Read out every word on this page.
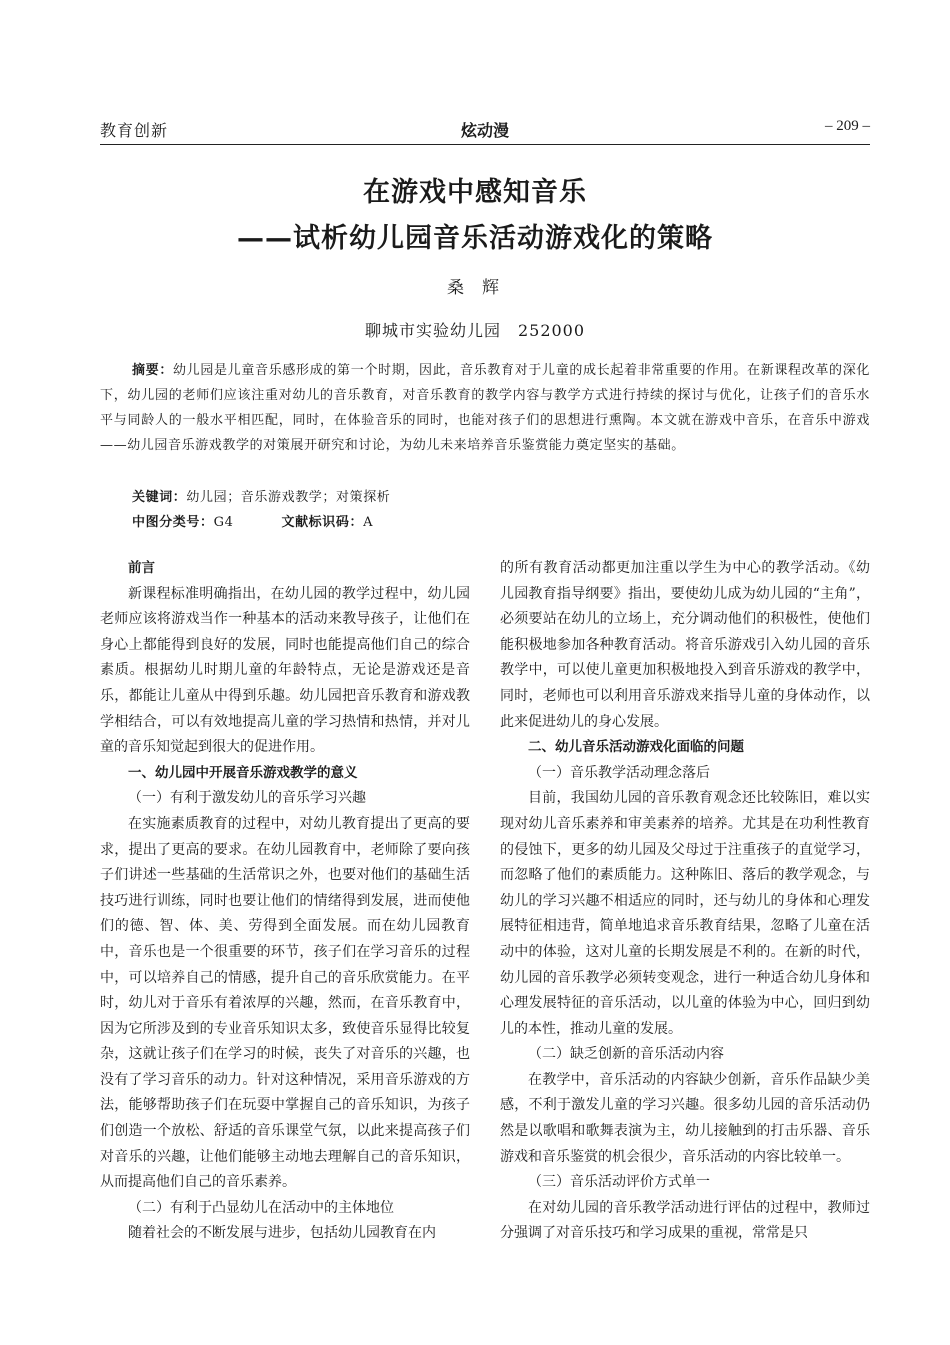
教育创新	炫动漫	– 209 –
在游戏中感知音乐
——试析幼儿园音乐活动游戏化的策略
桑辉
聊城市实验幼儿园　252000
摘要：幼儿园是儿童音乐感形成的第一个时期，因此，音乐教育对于儿童的成长起着非常重要的作用。在新课程改革的深化下，幼儿园的老师们应该注重对幼儿的音乐教育，对音乐教育的教学内容与教学方式进行持续的探讨与优化，让孩子们的音乐水平与同龄人的一般水平相匹配，同时，在体验音乐的同时，也能对孩子们的思想进行熏陶。本文就在游戏中音乐，在音乐中游戏——幼儿园音乐游戏教学的对策展开研究和讨论，为幼儿未来培养音乐鉴赏能力奠定坚实的基础。
关键词：幼儿园；音乐游戏教学；对策探析
中图分类号：G4	文献标识码：A
前言

新课程标准明确指出，在幼儿园的教学过程中，幼儿园老师应该将游戏当作一种基本的活动来教导孩子，让他们在身心上都能得到良好的发展，同时也能提高他们自己的综合素质。根据幼儿时期儿童的年龄特点，无论是游戏还是音乐，都能让儿童从中得到乐趣。幼儿园把音乐教育和游戏教学相结合，可以有效地提高儿童的学习热情和热情，并对儿童的音乐知觉起到很大的促进作用。

一、幼儿园中开展音乐游戏教学的意义
（一）有利于激发幼儿的音乐学习兴趣

在实施素质教育的过程中，对幼儿教育提出了更高的要求，提出了更高的要求。在幼儿园教育中，老师除了要向孩子们讲述一些基础的生活常识之外，也要对他们的基础生活技巧进行训练，同时也要让他们的情绪得到发展，进而使他们的德、智、体、美、劳得到全面发展。而在幼儿园教育中，音乐也是一个很重要的环节，孩子们在学习音乐的过程中，可以培养自己的情感，提升自己的音乐欣赏能力。在平时，幼儿对于音乐有着浓厚的兴趣，然而，在音乐教育中，因为它所涉及到的专业音乐知识太多，致使音乐显得比较复杂，这就让孩子们在学习的时候，丧失了对音乐的兴趣，也没有了学习音乐的动力。针对这种情况，采用音乐游戏的方法，能够帮助孩子们在玩耍中掌握自己的音乐知识，为孩子们创造一个放松、舒适的音乐课堂气氛，以此来提高孩子们对音乐的兴趣，让他们能够主动地去理解自己的音乐知识，从而提高他们自己的音乐素养。

（二）有利于凸显幼儿在活动中的主体地位

随着社会的不断发展与进步，包括幼儿园教育在内

的所有教育活动都更加注重以学生为中心的教学活动。《幼儿园教育指导纲要》指出，要使幼儿成为幼儿园的“主角”，必须要站在幼儿的立场上，充分调动他们的积极性，使他们能积极地参加各种教育活动。将音乐游戏引入幼儿园的音乐教学中，可以使儿童更加积极地投入到音乐游戏的教学中，同时，老师也可以利用音乐游戏来指导儿童的身体动作，以此来促进幼儿的身心发展。

二、幼儿音乐活动游戏化面临的问题
（一）音乐教学活动理念落后

目前，我国幼儿园的音乐教育观念还比较陈旧，难以实现对幼儿音乐素养和审美素养的培养。尤其是在功利性教育的侵蚀下，更多的幼儿园及父母过于注重孩子的直觉学习，而忽略了他们的素质能力。这种陈旧、落后的教学观念，与幼儿的学习兴趣不相适应的同时，还与幼儿的身体和心理发展特征相违背，简单地追求音乐教育结果，忽略了儿童在活动中的体验，这对儿童的长期发展是不利的。在新的时代，幼儿园的音乐教学必须转变观念，进行一种适合幼儿身体和心理发展特征的音乐活动，以儿童的体验为中心，回归到幼儿的本性，推动儿童的发展。

（二）缺乏创新的音乐活动内容

在教学中，音乐活动的内容缺少创新，音乐作品缺少美感，不利于激发儿童的学习兴趣。很多幼儿园的音乐活动仍然是以歌唱和歌舞表演为主，幼儿接触到的打击乐器、音乐游戏和音乐鉴赏的机会很少，音乐活动的内容比较单一。

（三）音乐活动评价方式单一

在对幼儿园的音乐教学活动进行评估的过程中，教师过分强调了对音乐技巧和学习成果的重视，常常是只
